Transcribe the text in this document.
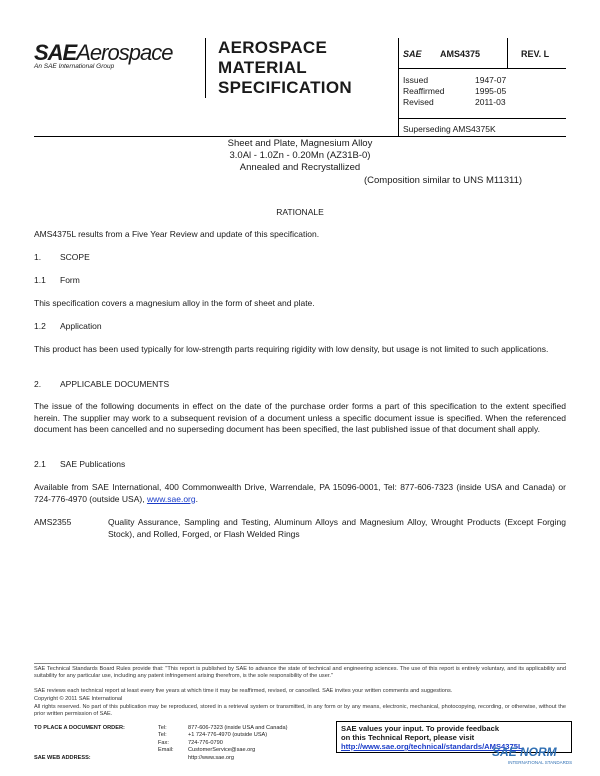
SAEAerospace
An SAE International Group
AEROSPACE
MATERIAL
SPECIFICATION
SAE AMS4375	REV. L
Issued	1947-07
Reaffirmed	1995-05
Revised	2011-03
Superseding AMS4375K
Sheet and Plate, Magnesium Alloy
3.0Al - 1.0Zn - 0.20Mn (AZ31B-0)
Annealed and Recrystallized
(Composition similar to UNS M11311)
RATIONALE
AMS4375L results from a Five Year Review and update of this specification.
1. SCOPE
1.1 Form
This specification covers a magnesium alloy in the form of sheet and plate.
1.2 Application
This product has been used typically for low-strength parts requiring rigidity with low density, but usage is not limited to such applications.
2. APPLICABLE DOCUMENTS
The issue of the following documents in effect on the date of the purchase order forms a part of this specification to the extent specified herein. The supplier may work to a subsequent revision of a document unless a specific document issue is specified. When the referenced document has been cancelled and no superseding document has been specified, the last published issue of that document shall apply.
2.1 SAE Publications
Available from SAE International, 400 Commonwealth Drive, Warrendale, PA 15096-0001, Tel: 877-606-7323 (inside USA and Canada) or 724-776-4970 (outside USA), www.sae.org.
AMS2355	Quality Assurance, Sampling and Testing, Aluminum Alloys and Magnesium Alloy, Wrought Products (Except Forging Stock), and Rolled, Forged, or Flash Welded Rings
SAE Technical Standards Board Rules provide that: "This report is published by SAE to advance the state of technical and engineering sciences. The use of this report is entirely voluntary, and its applicability and suitability for any particular use, including any patent infringement arising therefrom, is the sole responsibility of the user."
SAE reviews each technical report at least every five years at which time it may be reaffirmed, revised, or cancelled. SAE invites your written comments and suggestions.
Copyright © 2011 SAE International
All rights reserved. No part of this publication may be reproduced, stored in a retrieval system or transmitted, in any form or by any means, electronic, mechanical, photocopying, recording, or otherwise, without the prior written permission of SAE.
TO PLACE A DOCUMENT ORDER:	Tel:	877-606-7323 (inside USA and Canada)
Tel:	+1 724-776-4970 (outside USA)
Fax:	724-776-0790
Email:	CustomerService@sae.org
SAE WEB ADDRESS:	http://www.sae.org
SAE values your input. To provide feedback
on this Technical Report, please visit
http://www.sae.org/technical/standards/AMS4375L
SAE NORM
INTERNATIONAL STANDARDS
